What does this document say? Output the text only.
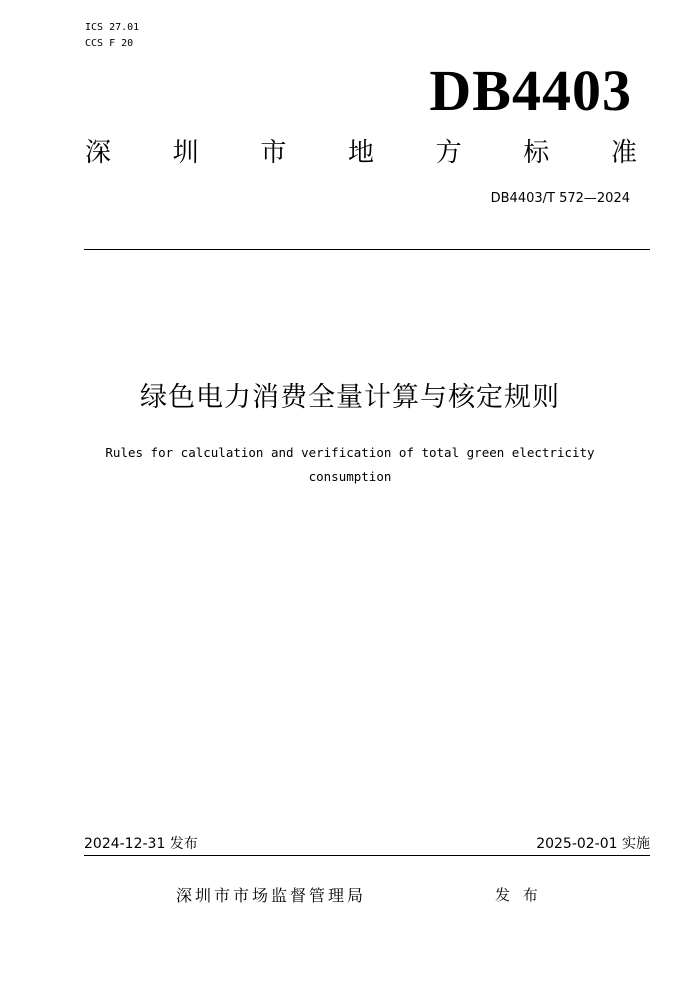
ICS 27.01
CCS F 20
DB4403
深 圳 市 地 方 标 准
DB4403/T 572—2024
绿色电力消费全量计算与核定规则
Rules for calculation and verification of total green electricity consumption
2024-12-31 发布	2025-02-01 实施
深圳市市场监督管理局	发 布
